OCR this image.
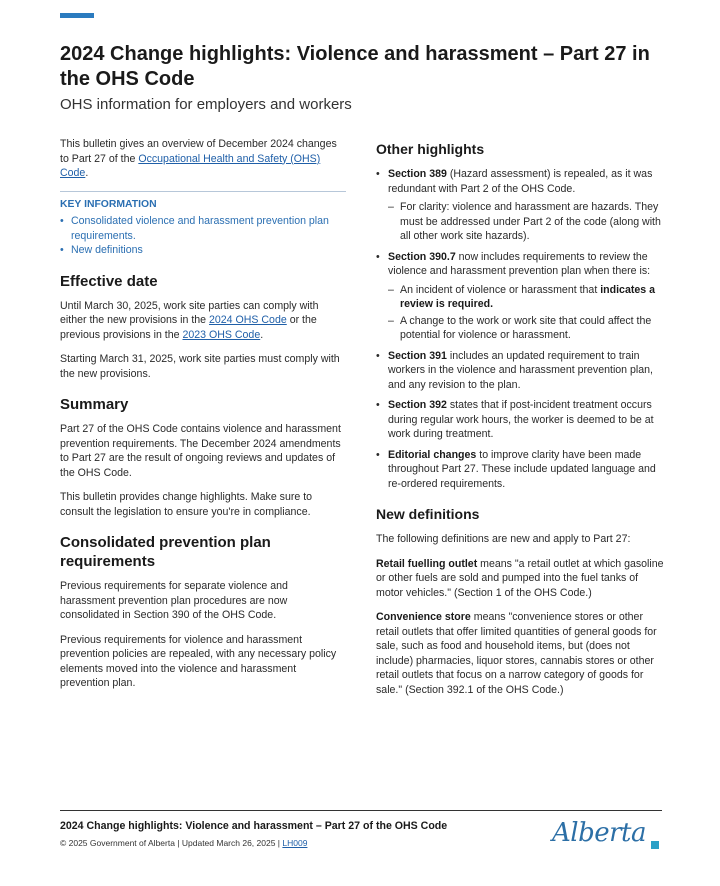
2024 Change highlights: Violence and harassment – Part 27 in the OHS Code

OHS information for employers and workers

This bulletin gives an overview of December 2024 changes to Part 27 of the Occupational Health and Safety (OHS) Code.

KEY INFORMATION
• Consolidated violence and harassment prevention plan requirements.
• New definitions
Effective date

Until March 30, 2025, work site parties can comply with either the new provisions in the 2024 OHS Code or the previous provisions in the 2023 OHS Code.

Starting March 31, 2025, work site parties must comply with the new provisions.

Summary

Part 27 of the OHS Code contains violence and harassment prevention requirements. The December 2024 amendments to Part 27 are the result of ongoing reviews and updates of the OHS Code.

This bulletin provides change highlights. Make sure to consult the legislation to ensure you're in compliance.

Consolidated prevention plan requirements

Previous requirements for separate violence and harassment prevention plan procedures are now consolidated in Section 390 of the OHS Code.

Previous requirements for violence and harassment prevention policies are repealed, with any necessary policy elements moved into the violence and harassment prevention plan.

Other highlights
• Section 389 (Hazard assessment) is repealed, as it was redundant with Part 2 of the OHS Code.
– For clarity: violence and harassment are hazards. They must be addressed under Part 2 of the code (along with all other work site hazards).
• Section 390.7 now includes requirements to review the violence and harassment prevention plan when there is:
– An incident of violence or harassment that indicates a review is required.
– A change to the work or work site that could affect the potential for violence or harassment.
• Section 391 includes an updated requirement to train workers in the violence and harassment prevention plan, and any revision to the plan.
• Section 392 states that if post-incident treatment occurs during regular work hours, the worker is deemed to be at work during treatment.
• Editorial changes to improve clarity have been made throughout Part 27. These include updated language and re-ordered requirements.
New definitions

The following definitions are new and apply to Part 27:

Retail fuelling outlet means "a retail outlet at which gasoline or other fuels are sold and pumped into the fuel tanks of motor vehicles." (Section 1 of the OHS Code.)

Convenience store means "convenience stores or other retail outlets that offer limited quantities of general goods for sale, such as food and household items, but (does not include) pharmacies, liquor stores, cannabis stores or other retail outlets that focus on a narrow category of goods for sale." (Section 392.1 of the OHS Code.)

2024 Change highlights: Violence and harassment – Part 27 of the OHS Code
© 2025 Government of Alberta | Updated March 26, 2025 | LH009	Alberta
